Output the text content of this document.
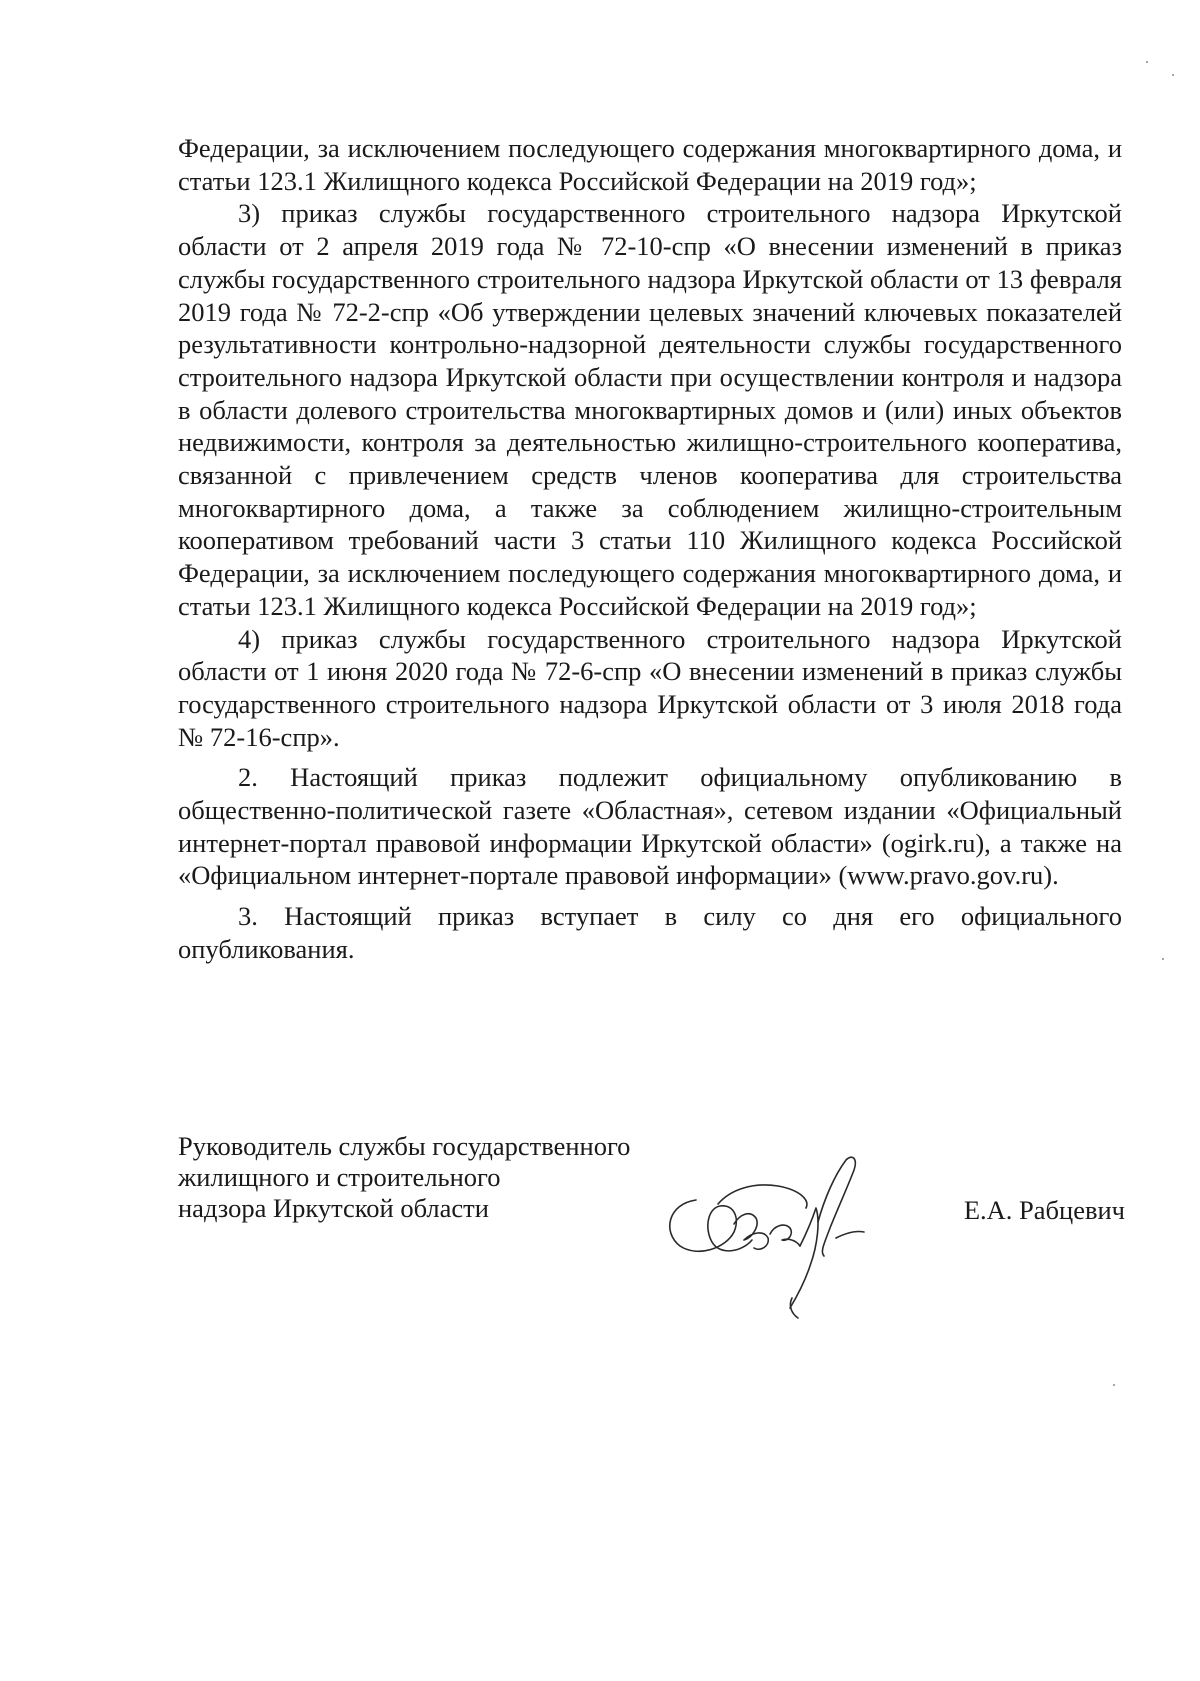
Федерации, за исключением последующего содержания многоквартирного дома, и статьи 123.1 Жилищного кодекса Российской Федерации на 2019 год»;

3) приказ службы государственного строительного надзора Иркутской области от 2 апреля 2019 года № 72-10-спр «О внесении изменений в приказ службы государственного строительного надзора Иркутской области от 13 февраля 2019 года № 72-2-спр «Об утверждении целевых значений ключевых показателей результативности контрольно-надзорной деятельности службы государственного строительного надзора Иркутской области при осуществлении контроля и надзора в области долевого строительства многоквартирных домов и (или) иных объектов недвижимости, контроля за деятельностью жилищно-строительного кооператива, связанной с привлечением средств членов кооператива для строительства многоквартирного дома, а также за соблюдением жилищно-строительным кооперативом требований части 3 статьи 110 Жилищного кодекса Российской Федерации, за исключением последующего содержания многоквартирного дома, и статьи 123.1 Жилищного кодекса Российской Федерации на 2019 год»;

4) приказ службы государственного строительного надзора Иркутской области от 1 июня 2020 года № 72-6-спр «О внесении изменений в приказ службы государственного строительного надзора Иркутской области от 3 июля 2018 года № 72-16-спр».

2. Настоящий приказ подлежит официальному опубликованию в общественно-политической газете «Областная», сетевом издании «Официальный интернет-портал правовой информации Иркутской области» (ogirk.ru), а также на «Официальном интернет-портале правовой информации» (www.pravo.gov.ru).

3. Настоящий приказ вступает в силу со дня его официального опубликования.

Руководитель службы государственного
жилищного и строительного
надзора Иркутской области	Е.А. Рабцевич
